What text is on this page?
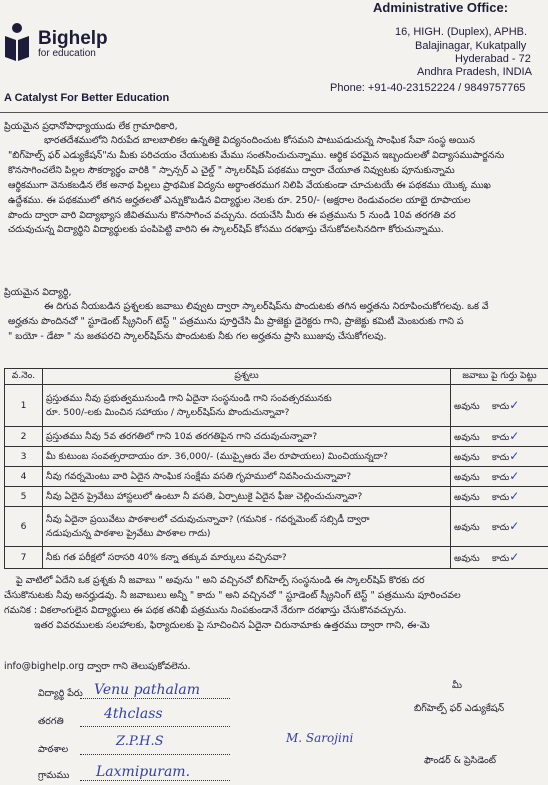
Bighelp
for education
A Catalyst For Better Education
Administrative Office:
16, HIGH. (Duplex), APHB.
Balajinagar, Kukatpally
Hyderabad - 72
Andhra Pradesh, INDIA
Phone: +91-40-23152224 / 9849757765
ప్రియమైన ప్రధానోపాధ్యాయుడు లేక గ్రామాధికారి,
భారతదేశములోని నిరుపేద బాలబాలికల ఉన్నతికై విద్యనందించుట కోసమని పాటుపడుచున్న సాంఘిక సేవా సంస్థ అయిన
"బిగ్‌హెల్ప్ ఫర్ ఎడ్యుకేషన్"ను మీకు పరిచయం చేయుటకు మేము సంతసించుచున్నాము. ఆర్థిక పరమైన ఇబ్బందులతో విద్యాసముపార్జనను
కొనసాగించలేని పిల్లల సౌకర్యార్థం వారికి " స్పాన్సర్ ఎ చైల్డ్ " స్కాలర్‌షిప్ పథకము ద్వారా చేయూత నివ్వుటకు పూనుకున్నామ
ఆర్థికముగా వెనుకబడిన లేక అనాథ పిల్లలు ప్రాథమిక విద్యను అర్ధాంతరముగ నిలిపి వేయకుండా చూచుటయే ఈ పథకము యొక్క ముఖ
ఉద్దేశము. ఈ పథకములో తగిన అర్హతలతో ఎన్నుకొబడిన విద్యార్థుల నెలకు రూ. 250/- (అక్షరాల రెండువందల యాభై రూపాయల
పొందు ద్వారా వారి విద్యాభ్యాస జీవితమును కొనసాగించ వచ్చును. దయచేసి మీరు ఈ పత్రమును 5 నుండి 10వ తరగతి వర
చదువుచున్న విద్యార్థిని విద్యార్థులకు పంపిపెట్టి వారిని ఈ స్కాలర్‌షిప్ కోసము దరఖాస్తు చేసుకోవలసినదిగా కోరుచున్నాము.
ప్రియమైన విద్యార్థి,
ఈ దిగువ నీయబడిన ప్రశ్నలకు జవాబు లివ్వుట ద్వారా స్కాలర్‌షిప్‌ను పొందుటకు తగిన అర్హతను నిరూపించుకోగలవు. ఒక వే
అర్హతను పొందినచో " స్టూడెంట్ స్క్రీనింగ్ టెస్ట్ " పత్రమును పూర్తిచేసి మీ ప్రాజెక్టు డైరెక్టరు గాని, ప్రాజెక్టు కమిటీ మెంబరుకు గాని ప
" బయో - డేటా " ను జతపరచి స్కాలర్‌షిప్‌ను పొందుటకు నీకు గల అర్హతను ప్రాసి ఋజువు చేసుకోగలవు.
వ.నెం.	ప్రశ్నలు	జవాబు పై గుర్తు పెట్టు
1	ప్రస్తుతము నీవు ప్రభుత్వమునుండి గాని ఏదైనా సంస్థనుండి గాని సంవత్సరమునకు
రూ. 500/-లకు మించిన సహాయం / స్కాలర్‌షిప్‌ను పొందుచున్నావా?	అవును కాదు✓
2	ప్రస్తుతము నీవు 5వ తరగతిలో గాని 10వ తరగతిపైన గాని చదువుచున్నావా?	అవును కాదు✓
3	మీ కుటుంబ సంవత్సరాదాయం రూ. 36,000/- (ముప్పైఆరు వేల రూపాయలు) మించియున్నదా?	అవును కాదు✓
4	నీవు గవర్నమెంటు వారి ఏదైన సాంఘిక సంక్షేమ వసతి గృహములో నివసించుచున్నావా?	అవును కాదు✓
5	నీవు ఏదైన ప్రైవేటు హాస్టలులో ఉంటూ నీ వసతి, ఏర్పాటుకై ఏదైన ఫీజు చెల్లించుచున్నావా?	అవును కాదు✓
6	నీవు ఏదైనా ప్రయివేటు పాఠశాలలో చదువుచున్నావా? (గమనిక - గవర్నమెంట్ సబ్సిడీ ద్వారా
నడుపుచున్న పాఠశాల ప్రైవేటు పాఠశాల గాదు)	అవును కాదు✓
7	నీకు గత పరీక్షలో సరాసరి 40% కన్నా తక్కువ మార్కులు వచ్చినవా?	అవును కాదు✓
పై వాటిలో ఏదేని ఒక ప్రశ్నకు నీ జవాబు " అవును " అని వచ్చినచో బిగ్‌హెల్ప్ సంస్థనుండి ఈ స్కాలర్‌షిప్ కొరకు దర
చేసుకొనుటకు నీవు అనర్హుడవు. నీ జవాబులు అన్నీ " కాదు " అని వచ్చినచో " స్టూడెంట్ స్క్రీనింగ్ టెస్ట్ " పత్రమును పూరించవల
గమనిక : వికలాంగులైన విద్యార్థులు ఈ పథక తనిఖీ పత్రమును నింపకుండానే నేరుగా దరఖాస్తు చేసుకొనవచ్చును.
ఇతర వివరములకు సలహాలకు, ఫిర్యాదులకు పై సూచించిన ఏదైనా చిరునామాకు ఉత్తరము ద్వారా గాని, ఈ-మె
info@bighelp.org ద్వారా గాని తెలుపుకోవలెను.
విద్యార్థి పేరు Venu pathalam
తరగతి	4thclass
పాఠశాల
Z.P.H.S
గ్రామము Laxmipuram.
M. Sarojini
మీ
బిగ్‌హెల్ప్ ఫర్ ఎడ్యుకేషన్
ఫౌండర్ & ప్రెసిడెంట్
